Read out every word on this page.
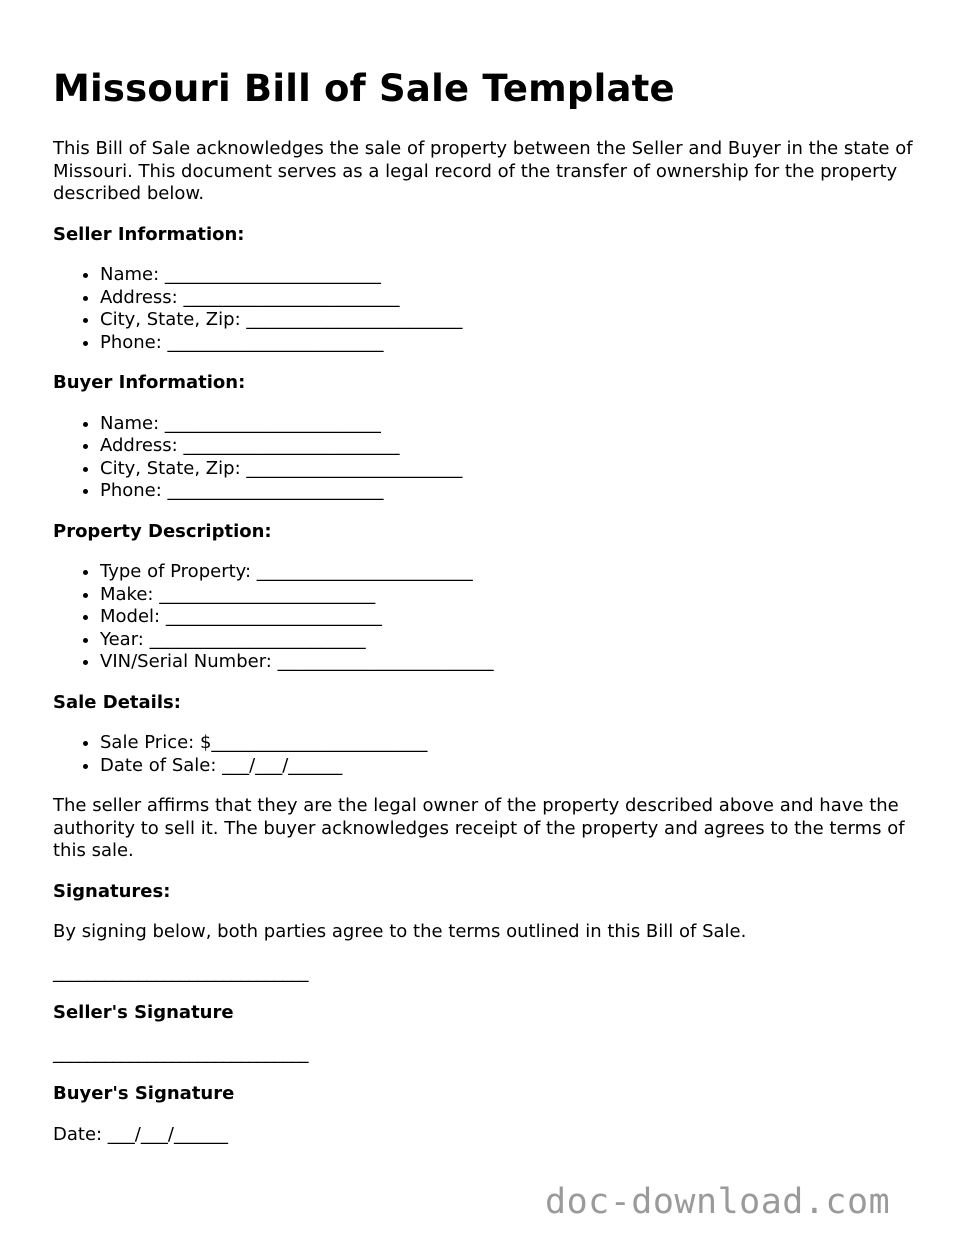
Missouri Bill of Sale Template

This Bill of Sale acknowledges the sale of property between the Seller and Buyer in the state of Missouri. This document serves as a legal record of the transfer of ownership for the property described below.

Seller Information:
• Name: ________________________
• Address: ________________________
• City, State, Zip: ________________________
• Phone: ________________________
Buyer Information:
• Name: ________________________
• Address: ________________________
• City, State, Zip: ________________________
• Phone: ________________________
Property Description:
• Type of Property: ________________________
• Make: ________________________
• Model: ________________________
• Year: ________________________
• VIN/Serial Number: ________________________
Sale Details:
• Sale Price: $________________________
• Date of Sale: ___/___/______

The seller affirms that they are the legal owner of the property described above and have the authority to sell it. The buyer acknowledges receipt of the property and agrees to the terms of this sale.

Signatures:

By signing below, both parties agree to the terms outlined in this Bill of Sale.

______________________________
Seller's Signature
______________________________
Buyer's Signature
Date: ___/___/______
doc-download.com
